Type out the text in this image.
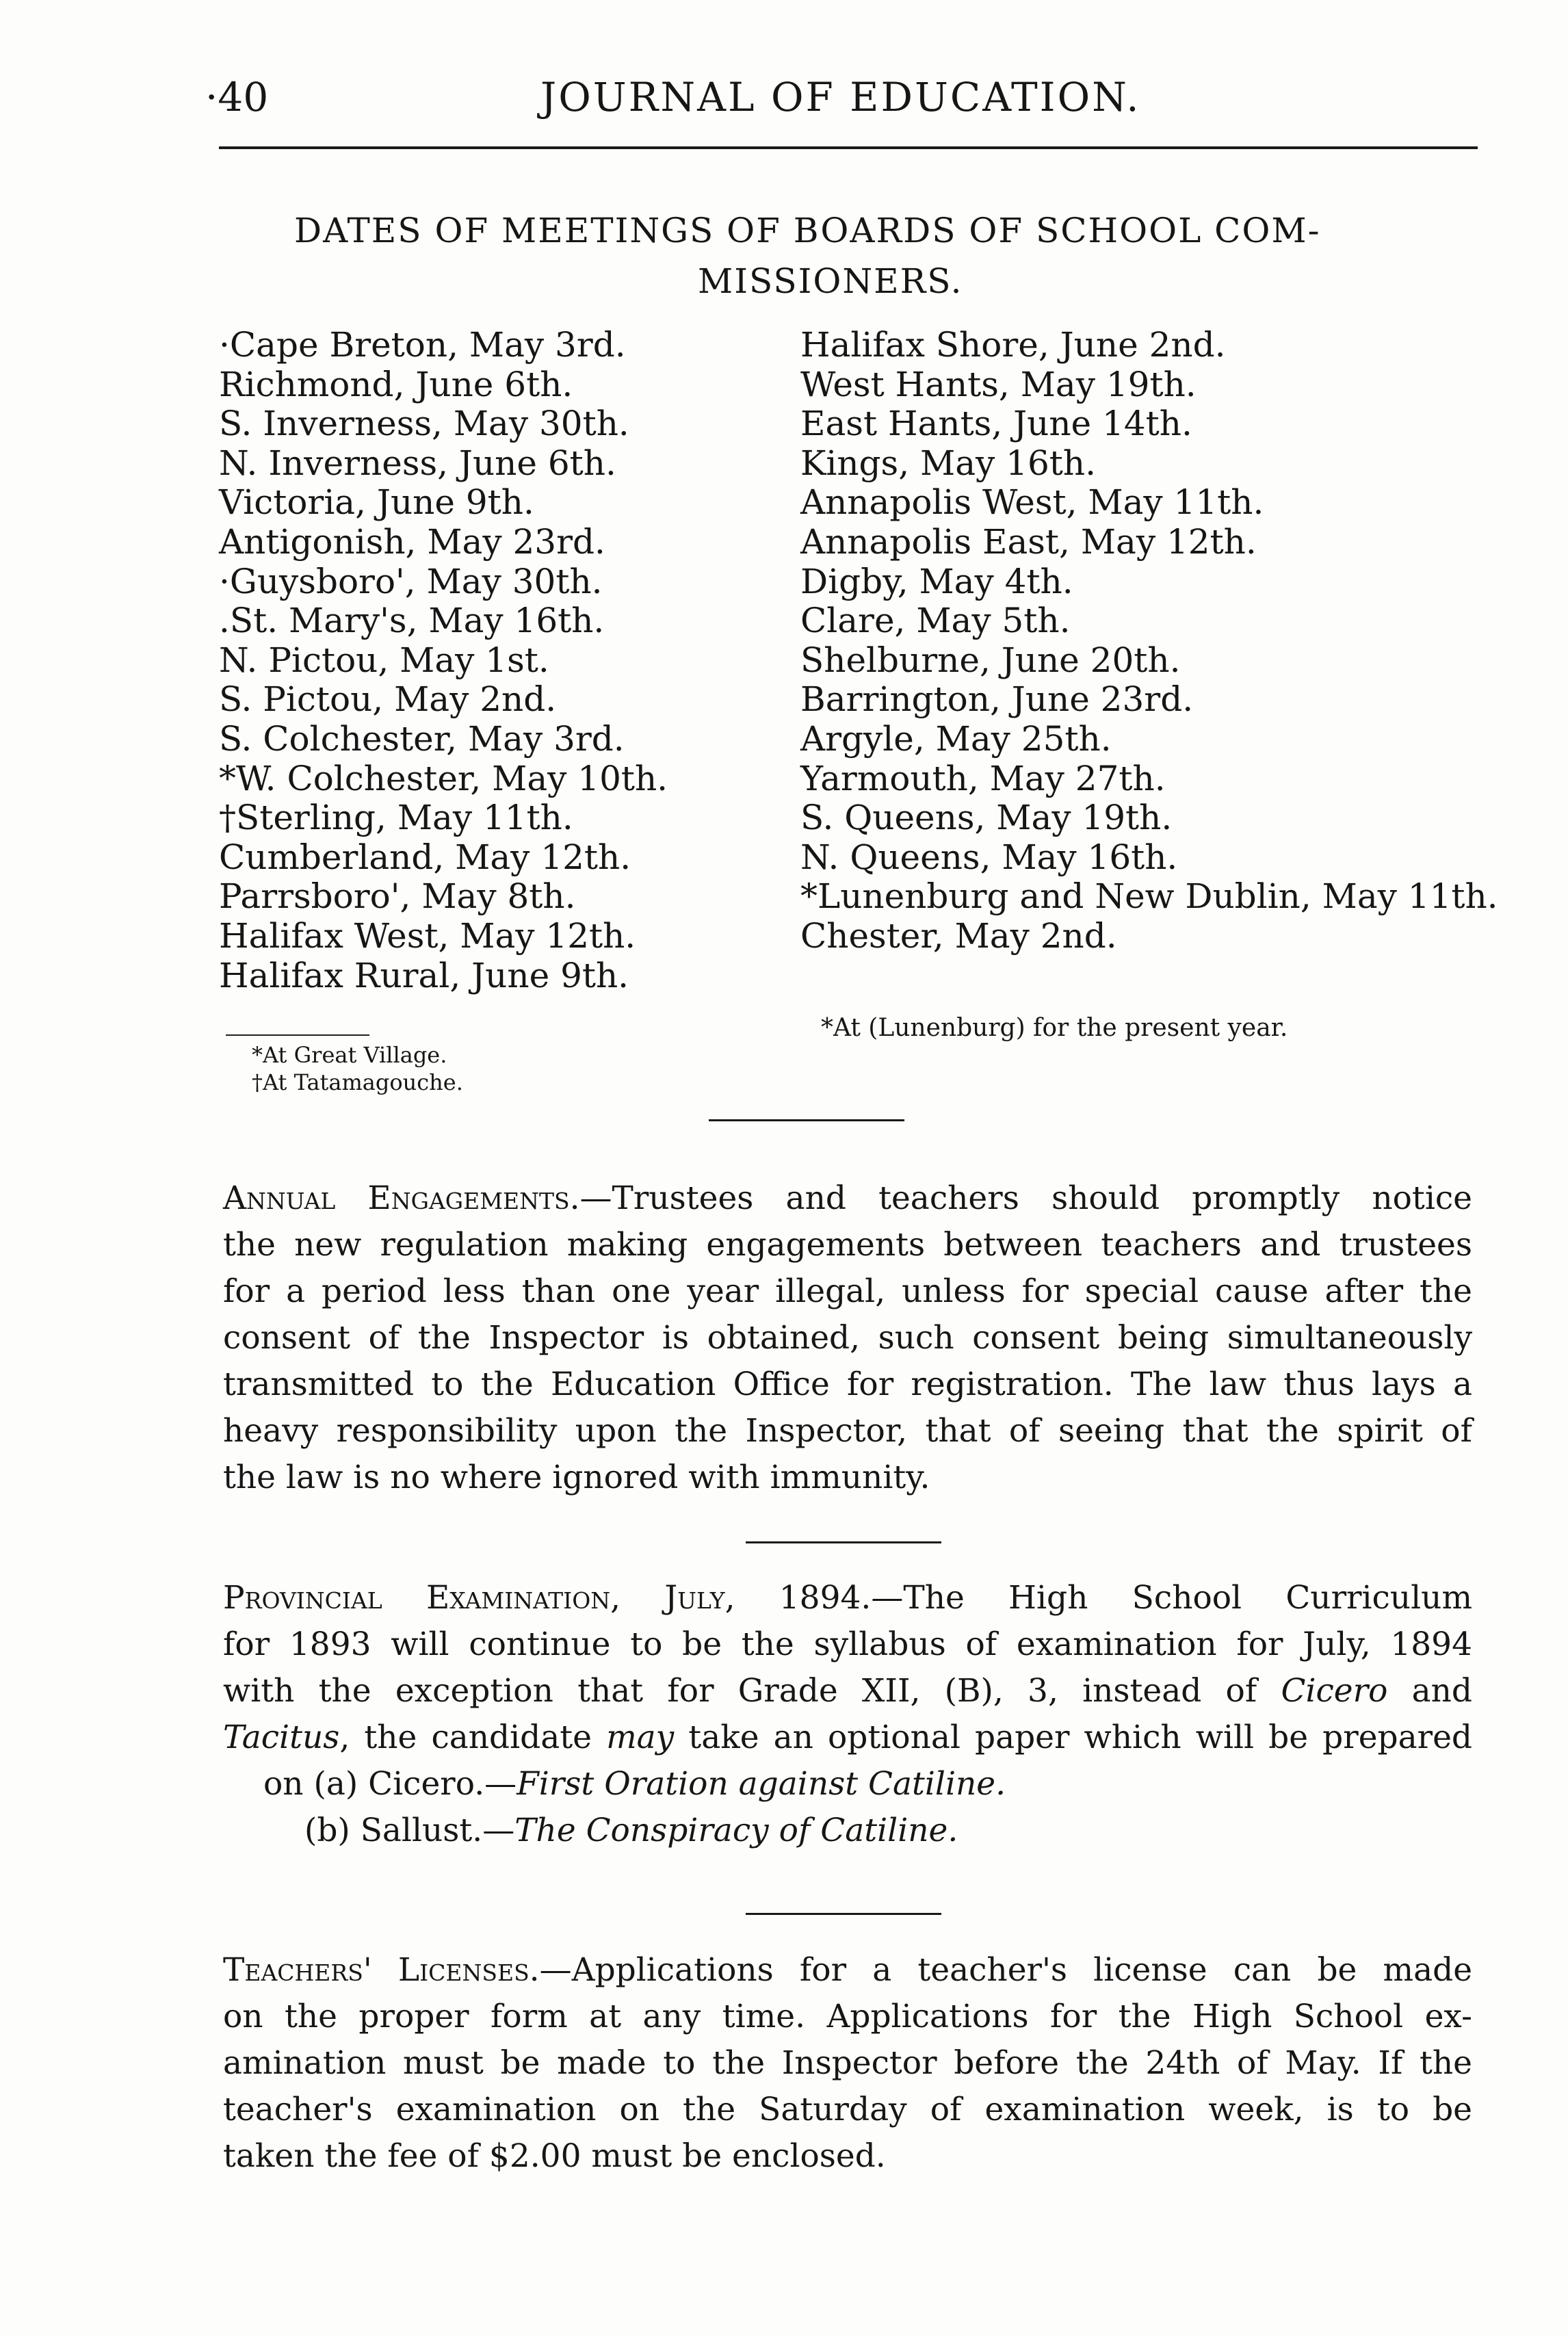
·40	JOURNAL OF EDUCATION.
DATES OF MEETINGS OF BOARDS OF SCHOOL COM-
MISSIONERS.
·Cape Breton, May 3rd.
Richmond, June 6th.
S. Inverness, May 30th.
N. Inverness, June 6th.
Victoria, June 9th.
Antigonish, May 23rd.
·Guysboro', May 30th.
.St. Mary's, May 16th.
N. Pictou, May 1st.
S. Pictou, May 2nd.
S. Colchester, May 3rd.
*W. Colchester, May 10th.
†Sterling, May 11th.
Cumberland, May 12th.
Parrsboro', May 8th.
Halifax West, May 12th.
Halifax Rural, June 9th.
Halifax Shore, June 2nd.
West Hants, May 19th.
East Hants, June 14th.
Kings, May 16th.
Annapolis West, May 11th.
Annapolis East, May 12th.
Digby, May 4th.
Clare, May 5th.
Shelburne, June 20th.
Barrington, June 23rd.
Argyle, May 25th.
Yarmouth, May 27th.
S. Queens, May 19th.
N. Queens, May 16th.
*Lunenburg and New Dublin, May 11th.
Chester, May 2nd.
*At Great Village.
†At Tatamagouche.
*At (Lunenburg) for the present year.
Annual Engagements.—Trustees and teachers should promptly notice
the new regulation making engagements between teachers and trustees
for a period less than one year illegal, unless for special cause after the
consent of the Inspector is obtained, such consent being simultaneously
transmitted to the Education Office for registration. The law thus lays a
heavy responsibility upon the Inspector, that of seeing that the spirit of
the law is no where ignored with immunity.
Provincial Examination, July, 1894.—The High School Curriculum
for 1893 will continue to be the syllabus of examination for July, 1894
with the exception that for Grade XII, (B), 3, instead of Cicero and
Tacitus, the candidate may take an optional paper which will be prepared
on (a) Cicero.—First Oration against Catiline.
(b) Sallust.—The Conspiracy of Catiline.
Teachers' Licenses.—Applications for a teacher's license can be made
on the proper form at any time. Applications for the High School ex-
amination must be made to the Inspector before the 24th of May. If the
teacher's examination on the Saturday of examination week, is to be
taken the fee of $2.00 must be enclosed.
